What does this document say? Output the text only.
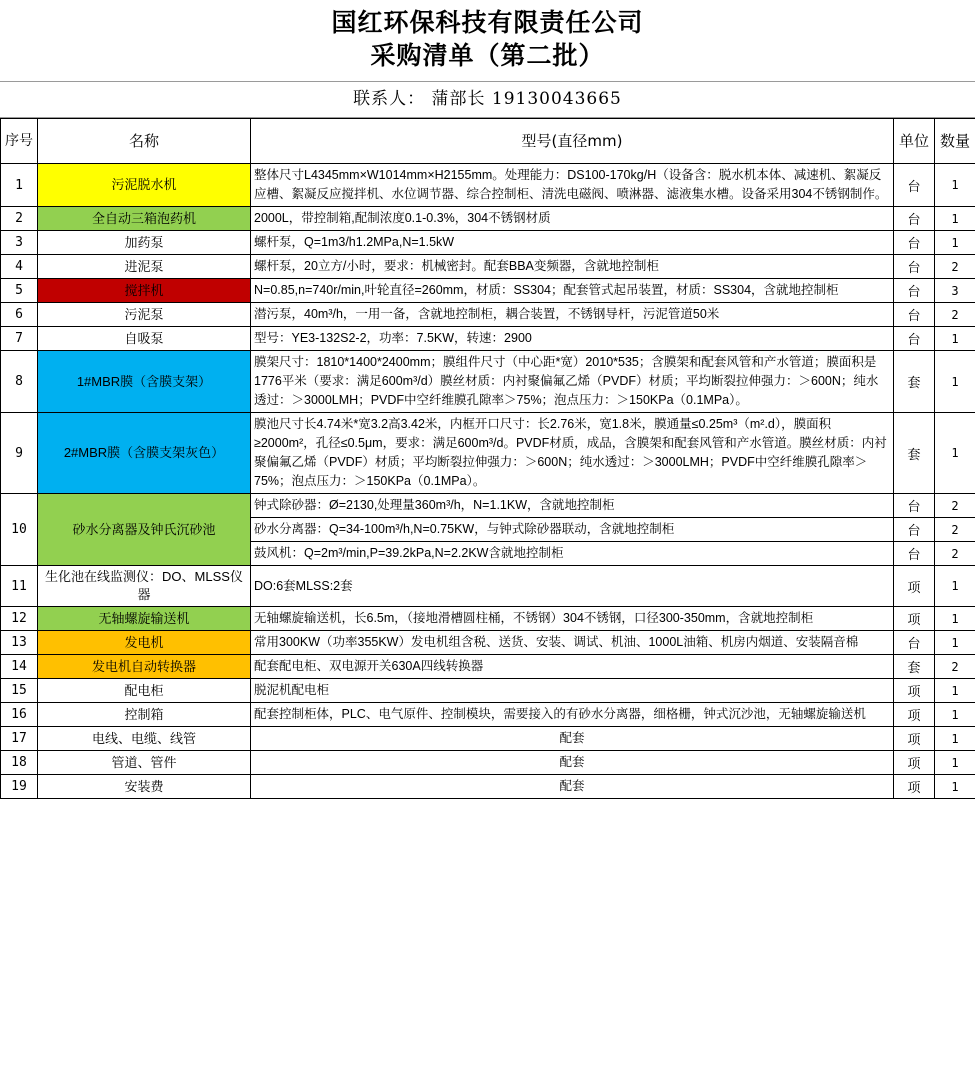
国红环保科技有限责任公司
采购清单（第二批）
联系人： 蒲部长 19130043665
序号	名称	型号(直径mm)	单位	数量
1	污泥脱水机	整体尺寸L4345mm×W1014mm×H2155mm。处理能力：DS100-170kg/H（设备含：脱水机本体、减速机、絮凝反应槽、絮凝反应搅拌机、水位调节器、综合控制柜、清洗电磁阀、喷淋器、滤液集水槽。设备采用304不锈钢制作。	台	1
2	全自动三箱泡药机	2000L，带控制箱,配制浓度0.1-0.3%，304不锈钢材质	台	1
3	加药泵	螺杆泵，Q=1m3/h1.2MPa,N=1.5kW	台	1
4	进泥泵	螺杆泵，20立方/小时，要求：机械密封。配套BBA变频器，含就地控制柜	台	2
5	搅拌机	N=0.85,n=740r/min,叶轮直径=260mm，材质：SS304；配套管式起吊装置，材质：SS304，含就地控制柜	台	3
6	污泥泵	潜污泵，40m³/h，一用一备，含就地控制柜，耦合装置，不锈钢导杆，污泥管道50米	台	2
7	自吸泵	型号：YE3-132S2-2，功率：7.5KW，转速：2900	台	1
8	1#MBR膜（含膜支架）	膜架尺寸：1810*1400*2400mm；膜组件尺寸（中心距*宽）2010*535；含膜架和配套风管和产水管道；膜面积是1776平米（要求：满足600m³/d）膜丝材质：内衬聚偏氟乙烯（PVDF）材质；平均断裂拉伸强力：＞600N；纯水透过：＞3000LMH；PVDF中空纤维膜孔隙率＞75%；泡点压力：＞150KPa（0.1MPa）。	套	1
9	2#MBR膜（含膜支架灰色）	膜池尺寸长4.74米*宽3.2高3.42米，内框开口尺寸：长2.76米，宽1.8米，膜通量≤0.25m³（m².d），膜面积≥2000m²，孔径≤0.5μm，要求：满足600m³/d。PVDF材质，成品，含膜架和配套风管和产水管道。膜丝材质：内衬聚偏氟乙烯（PVDF）材质；平均断裂拉伸强力：＞600N；纯水透过：＞3000LMH；PVDF中空纤维膜孔隙率＞75%；泡点压力：＞150KPa（0.1MPa）。	套	1
10	砂水分离器及钟氏沉砂池	钟式除砂器：Ø=2130,处理量360m³/h，N=1.1KW，含就地控制柜	台	2
		砂水分离器：Q=34-100m³/h,N=0.75KW，与钟式除砂器联动，含就地控制柜	台	2
		鼓风机：Q=2m³/min,P=39.2kPa,N=2.2KW含就地控制柜	台	2
11	生化池在线监测仪：DO、MLSS仪器	DO:6套MLSS:2套	项	1
12	无轴螺旋输送机	无轴螺旋输送机，长6.5m，（接地滑槽圆柱桶，不锈钢）304不锈钢，口径300-350mm，含就地控制柜	项	1
13	发电机	常用300KW（功率355KW）发电机组含税、送货、安装、调试、机油、1000L油箱、机房内烟道、安装隔音棉	台	1
14	发电机自动转换器	配套配电柜、双电源开关630A四线转换器	套	2
15	配电柜	脱泥机配电柜	项	1
16	控制箱	配套控制柜体，PLC、电气原件、控制模块，需要接入的有砂水分离器，细格栅，钟式沉沙池，无轴螺旋输送机	项	1
17	电线、电缆、线管	配套	项	1
18	管道、管件	配套	项	1
19	安装费	配套	项	1
